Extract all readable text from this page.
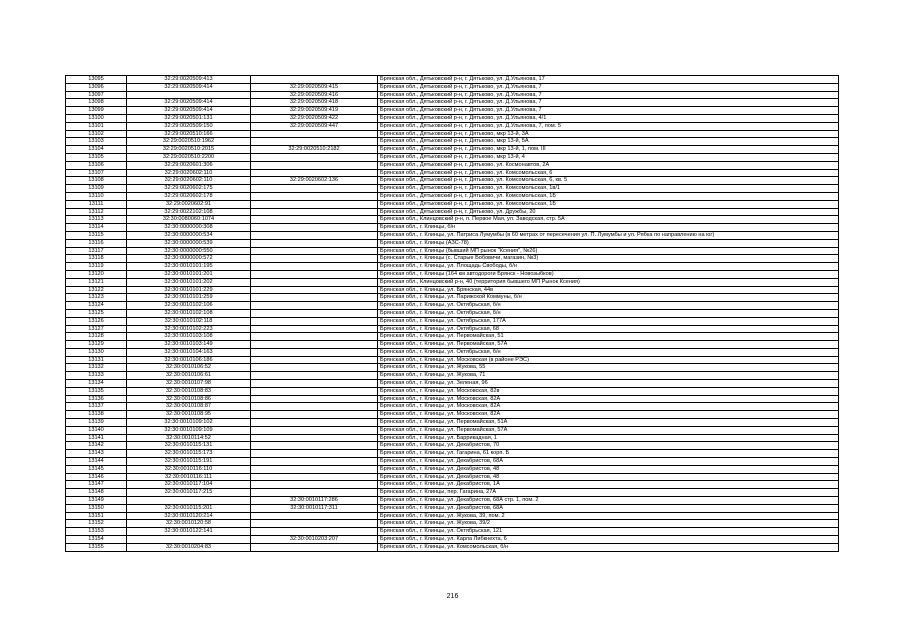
13095	32:29:0020509:413		Брянская обл., Дятьковский р-н, г. Дятьково, ул. Д.Ульянова, 17
13096	32:29:0020509:414	32:29:0020509:415	Брянская обл., Дятьковский р-н, г. Дятьково, ул. Д.Ульянова, 7
13097		32:29:0020509:416	Брянская обл., Дятьковский р-н, г. Дятьково, ул. Д.Ульянова, 7
13098	32:29:0020509:414	32:29:0020509:418	Брянская обл., Дятьковский р-н, г. Дятьково, ул. Д.Ульянова, 7
13099	32:29:0020509:414	32:29:0020509:419	Брянская обл., Дятьковский р-н, г. Дятьково, ул. Д.Ульянова, 7
13100	32:29:0020501:131	32:29:0020509:422	Брянская обл., Дятьковский р-н, г. Дятьково, ул. Д.Ульянова, 4/1
13101	32:29:0020509:150	32:29:0020509:447	Брянская обл., Дятьковский р-н, г. Дятьково, ул. Д.Ульянова, 7, пом. 5
13102	32:29:0020510:166		Брянская обл., Дятьковский р-н, г. Дятьково, мкр 13-й, 3А
13103	32:29:0020510:1962		Брянская обл., Дятьковский р-н, г. Дятьково, мкр 13-й, 5А
13104	32:29:0020510:2015	32:29:0020510:2182	Брянская обл., Дятьковский р-н, г. Дятьково, мкр 13-й, 1, пом. III
13105	32:29:0020510:2200		Брянская обл., Дятьковский р-н, г. Дятьково, мкр 13-й, 4
13106	32:29:0020601:306		Брянская обл., Дятьковский р-н, г. Дятьково, ул. Космонавтов, 2А
13107	32:29:0020602:110		Брянская обл., Дятьковский р-н, г. Дятьково, ул. Комсомольская, 6
13108	32:29:0020602:110	32:29:0020602:136	Брянская обл., Дятьковский р-н, г. Дятьково, ул. Комсомольская, 6, кв. 5
13109	32:29:0020602:175		Брянская обл., Дятьковский р-н, г. Дятьково, ул. Комсомольская, 1в/1
13110	32:29:0020602:178		Брянская обл., Дятьковский р-н, г. Дятьково, ул. Комсомольская, 1Б
13111	32:29:0020602:91		Брянская обл., Дятьковский р-н, г. Дятьково, ул. Комсомольская, 1Б
13112	32:29:0022102:108		Брянская обл., Дятьковский р-н, г. Дятьково, ул. Дружбы, 20
13113	32:30:0080060:1074		Брянская обл., Клинцовский р-н, п. Первое Мая, ул. Заводская, стр. 5А
13114	32:30:0000000:308		Брянская обл., г. Клинцы, б/н
13115	32:30:0000000:534		Брянская обл., г. Клинцы, ул. Патриса Лумумбы (в 60 метрах от пересечения ул. П. Лумумбы и ул. Рябка по направлению на юг)
13116	32:30:0000000:539		Брянская обл., г. Клинцы (АЗС-78)
13117	32:30:0000000:550		Брянская обл., г. Клинцы (бывший МП рынок "Ксения", №26)
13118	32:30:0000000:572		Брянская обл., г. Клинцы (с. Старые Бобовичи, магазин, №3)
13119	32:30:0010101:195		Брянская обл., г. Клинцы, ул. Площадь Свободы, б/н
13120	32:30:0010101:201		Брянская обл., г. Клинцы (164 км автодороги Брянск - Новозыбков)
13121	32:30:0010101:202		Брянская обл., Клинцовский р-н, 40 (территория бывшего МП Рынок Ксения)
13122	32:30:0010101:229		Брянская обл., г. Клинцы, ул. Брянская, 44в
13123	32:30:0010101:259		Брянская обл., г. Клинцы, ул. Парижской Коммуны, б/н
13124	32:30:0010102:106		Брянская обл., г. Клинцы, ул. Октябрьская, б/н
13125	32:30:0010102:108		Брянская обл., г. Клинцы, ул. Октябрьская, б/н
13126	32:30:0010102:118		Брянская обл., г. Клинцы, ул. Октябрьская, 177А
13127	32:30:0010102:223		Брянская обл., г. Клинцы, ул. Октябрьская, 68
13128	32:30:0010103:108		Брянская обл., г. Клинцы, ул. Первомайская, 51
13129	32:30:0010103:149		Брянская обл., г. Клинцы, ул. Первомайская, 57А
13130	32:30:0010104:163		Брянская обл., г. Клинцы, ул. Октябрьская, б/н
13131	32:30:0010106:186		Брянская обл., г. Клинцы, ул. Московская (в районе РЭС)
13132	32:30:0010106:52		Брянская обл., г. Клинцы, ул. Жукова, 55
13133	32:30:0010106:61		Брянская обл., г. Клинцы, ул. Жукова, 71
13134	32:30:0010107:98		Брянская обл., г. Клинцы, ул. Зеленая, 96
13135	32:30:0010108:83		Брянская обл., г. Клинцы, ул. Московская, 82в
13136	32:30:0010108:86		Брянская обл., г. Клинцы, ул. Московская, 82А
13137	32:30:0010108:87		Брянская обл., г. Клинцы, ул. Московская, 82А
13138	32:30:0010108:95		Брянская обл., г. Клинцы, ул. Московская, 82А
13139	32:30:0010109:102		Брянская обл., г. Клинцы, ул. Первомайская, 51А
13140	32:30:0010109:109		Брянская обл., г. Клинцы, ул. Первомайская, 57А
13141	32:30:0010114:52		Брянская обл., г. Клинцы, ул. Баррикадная, 1
13142	32:30:0010115:131		Брянская обл., г. Клинцы, ул. Декабристов, 70
13143	32:30:0010115:173		Брянская обл., г. Клинцы, ул. Гагарина, 61 корп. Б
13144	32:30:0010115:191		Брянская обл., г. Клинцы, ул. Декабристов, 68А
13145	32:30:0010116:110		Брянская обл., г. Клинцы, ул. Декабристов, 48
13146	32:30:0010116:111		Брянская обл., г. Клинцы, ул. Декабристов, 48
13147	32:30:0010117:104		Брянская обл., г. Клинцы, ул. Декабристов, 1А
13148	32:30:0010117:215		Брянская обл., г. Клинцы, пер. Гагарина, 27А
13149		32:30:0010117:286	Брянская обл., г. Клинцы, ул. Декабристов, 68А стр. 1, пом. 2
13150	32:30:0010115:201	32:30:0010117:311	Брянская обл., г. Клинцы, ул. Декабристов, 68А
13151	32:30:0010120:214		Брянская обл., г. Клинцы, ул. Жукова, 39, пом. 2
13152	32:30:0010120:58		Брянская обл., г. Клинцы, ул. Жукова, 39/2
13153	32:30:0010122:141		Брянская обл., г. Клинцы, ул. Октябрьская, 121
13154		32:30:0010203:207	Брянская обл., г. Клинцы, ул. Карла Либкнехта, 6
13155	32:30:0010204:83		Брянская обл., г. Клинцы, ул. Комсомольская, б/н
216
